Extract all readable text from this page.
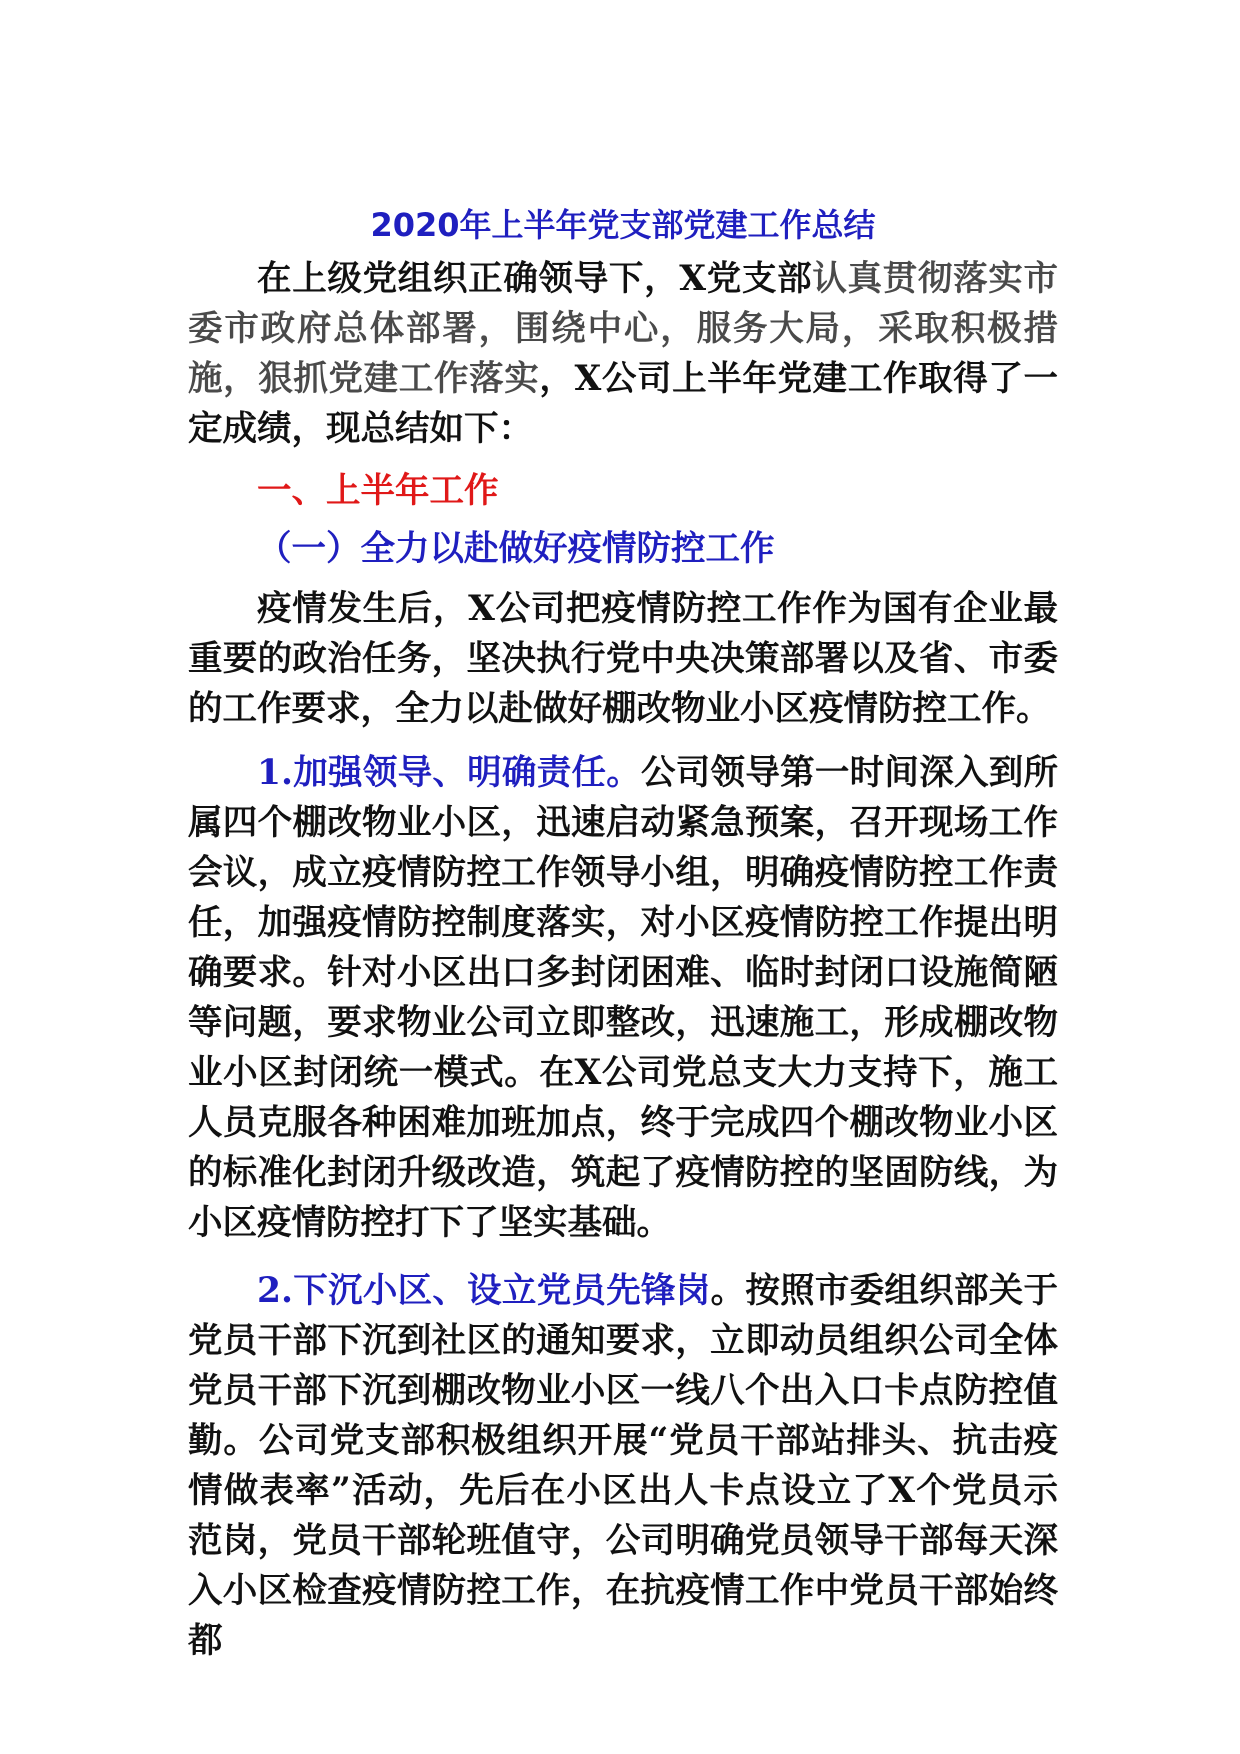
2020年上半年党支部党建工作总结

在上级党组织正确领导下，X党支部认真贯彻落实市委市政府总体部署，围绕中心，服务大局，采取积极措施，狠抓党建工作落实，X公司上半年党建工作取得了一定成绩，现总结如下：

一、上半年工作

（一）全力以赴做好疫情防控工作

疫情发生后，X公司把疫情防控工作作为国有企业最重要的政治任务，坚决执行党中央决策部署以及省、市委的工作要求，全力以赴做好棚改物业小区疫情防控工作。

1.加强领导、明确责任。公司领导第一时间深入到所属四个棚改物业小区，迅速启动紧急预案，召开现场工作会议，成立疫情防控工作领导小组，明确疫情防控工作责任，加强疫情防控制度落实，对小区疫情防控工作提出明确要求。针对小区出口多封闭困难、临时封闭口设施简陋等问题，要求物业公司立即整改，迅速施工，形成棚改物业小区封闭统一模式。在X公司党总支大力支持下，施工人员克服各种困难加班加点，终于完成四个棚改物业小区的标准化封闭升级改造，筑起了疫情防控的坚固防线，为小区疫情防控打下了坚实基础。

2.下沉小区、设立党员先锋岗。按照市委组织部关于党员干部下沉到社区的通知要求，立即动员组织公司全体党员干部下沉到棚改物业小区一线八个出入口卡点防控值勤。公司党支部积极组织开展“党员干部站排头、抗击疫情做表率”活动，先后在小区出人卡点设立了X个党员示范岗，党员干部轮班值守，公司明确党员领导干部每天深入小区检查疫情防控工作，在抗疫情工作中党员干部始终都
